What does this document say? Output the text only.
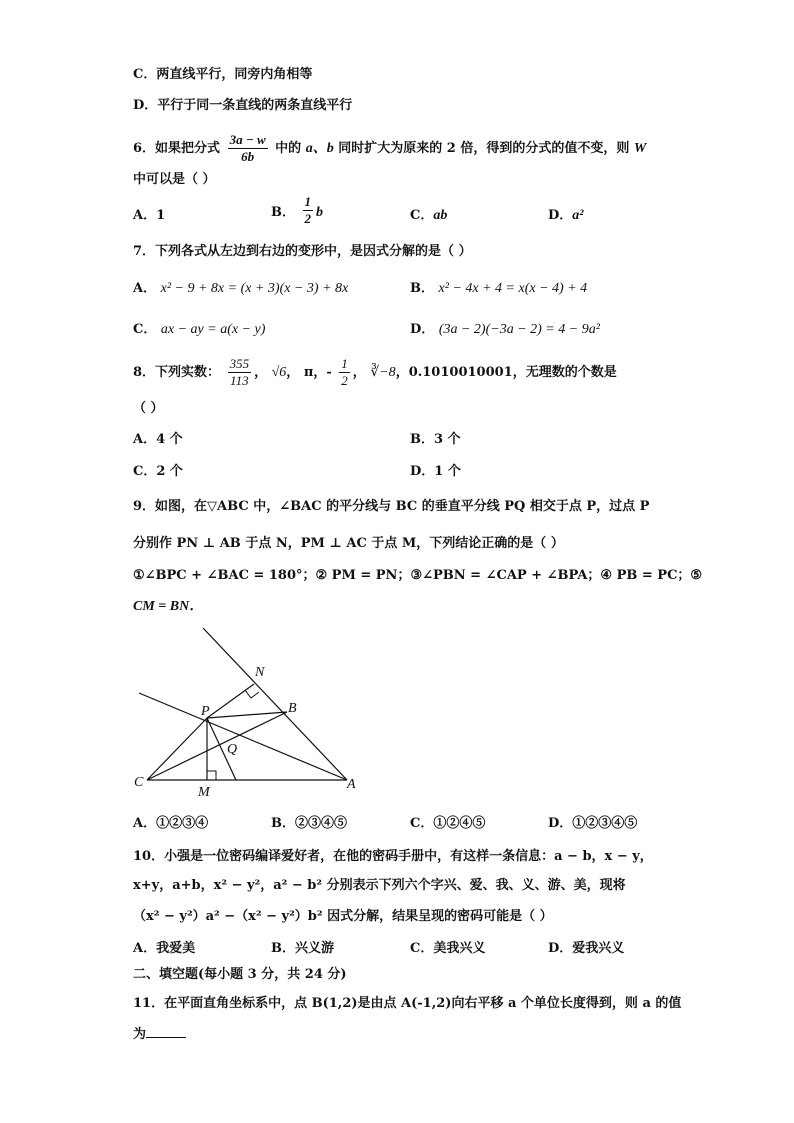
C．两直线平行，同旁内角相等
D．平行于同一条直线的两条直线平行
6．如果把分式 $\frac{3a - w}{6b}$ 中的 a、b 同时扩大为原来的 2 倍，得到的分式的值不变，则 W
中可以是（ ）
A．1	B． $\frac{1}{2}$ b	C．ab	D．a²
7．下列各式从左边到右边的变形中，是因式分解的是（ ）
A． x² − 9 + 8x = (x + 3)(x − 3) + 8x	B． x² − 4x + 4 = x(x − 4) + 4
C． ax − ay = a(x − y)	D． (3a − 2)(−3a − 2) = 4 − 9a²
8．下列实数： $\frac{355}{113}$ ， √6， π，- $\frac{1}{2}$ ， ∛−8，0.1010010001，无理数的个数是
（ ）
A．4 个	B．3 个
C．2 个	D．1 个
9．如图，在▽ABC 中，∠BAC 的平分线与 BC 的垂直平分线 PQ 相交于点 P，过点 P
分别作 PN ⊥ AB 于点 N，PM ⊥ AC 于点 M，下列结论正确的是（ ）
①∠BPC + ∠BAC = 180°；② PM = PN；③∠PBN = ∠CAP + ∠BPA；④ PB = PC；⑤
CM = BN．
N
B
P
Q
C	A
M
A．①②③④	B．②③④⑤	C．①②④⑤	D．①②③④⑤
10．小强是一位密码编译爱好者，在他的密码手册中，有这样一条信息：a − b，x − y，
x+y，a+b，x² − y²，a² − b² 分别表示下列六个字兴、爱、我、义、游、美，现将
（x² − y²）a² −（x² − y²）b² 因式分解，结果呈现的密码可能是（ ）
A．我爱美	B．兴义游	C．美我兴义	D．爱我兴义
二、填空题(每小题 3 分，共 24 分)
11．在平面直角坐标系中，点 B(1,2)是由点 A(-1,2)向右平移 a 个单位长度得到，则 a 的值
为
